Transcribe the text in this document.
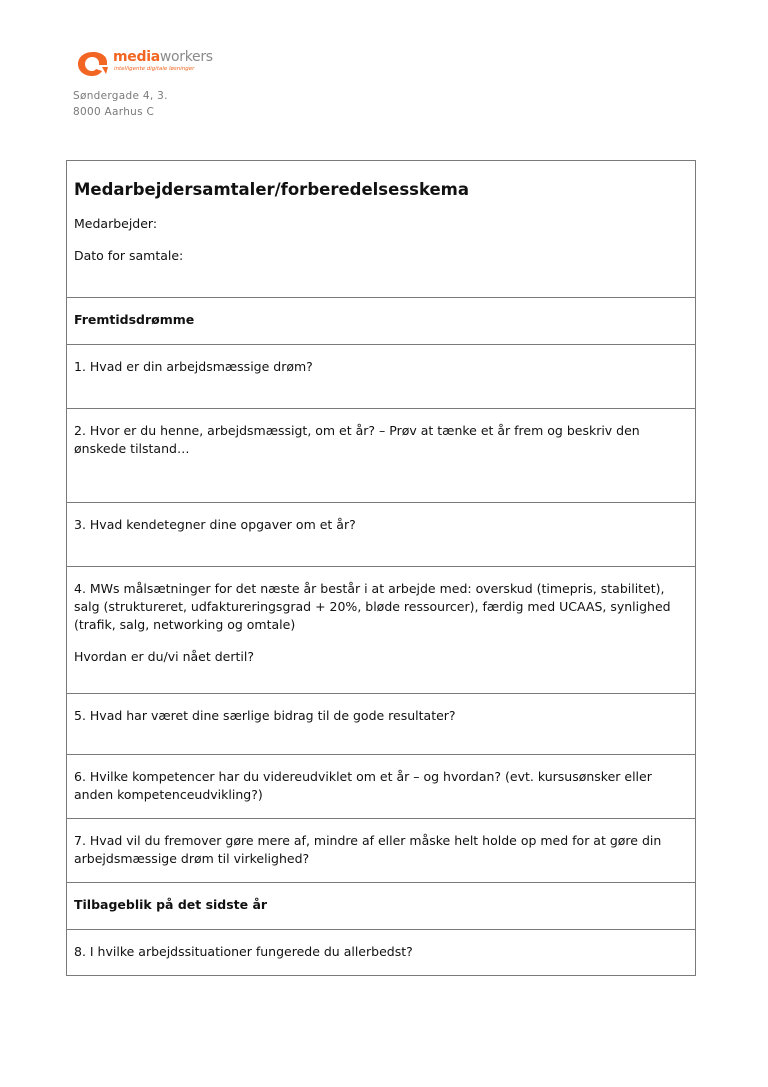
mediaworkers
intelligente digitale løsninger
Søndergade 4, 3.
8000 Aarhus C
Medarbejdersamtaler/forberedelsesskema

Medarbejder:

Dato for samtale:

Fremtidsdrømme

1. Hvad er din arbejdsmæssige drøm?

2. Hvor er du henne, arbejdsmæssigt, om et år? – Prøv at tænke et år frem og beskriv den ønskede tilstand…

3. Hvad kendetegner dine opgaver om et år?

4. MWs målsætninger for det næste år består i at arbejde med: overskud (timepris, stabilitet), salg (struktureret, udfaktureringsgrad + 20%, bløde ressourcer), færdig med UCAAS, synlighed (trafik, salg, networking og omtale)

Hvordan er du/vi nået dertil?

5. Hvad har været dine særlige bidrag til de gode resultater?

6. Hvilke kompetencer har du videreudviklet om et år – og hvordan? (evt. kursusønsker eller anden kompetenceudvikling?)

7. Hvad vil du fremover gøre mere af, mindre af eller måske helt holde op med for at gøre din arbejdsmæssige drøm til virkelighed?

Tilbageblik på det sidste år

8. I hvilke arbejdssituationer fungerede du allerbedst?
